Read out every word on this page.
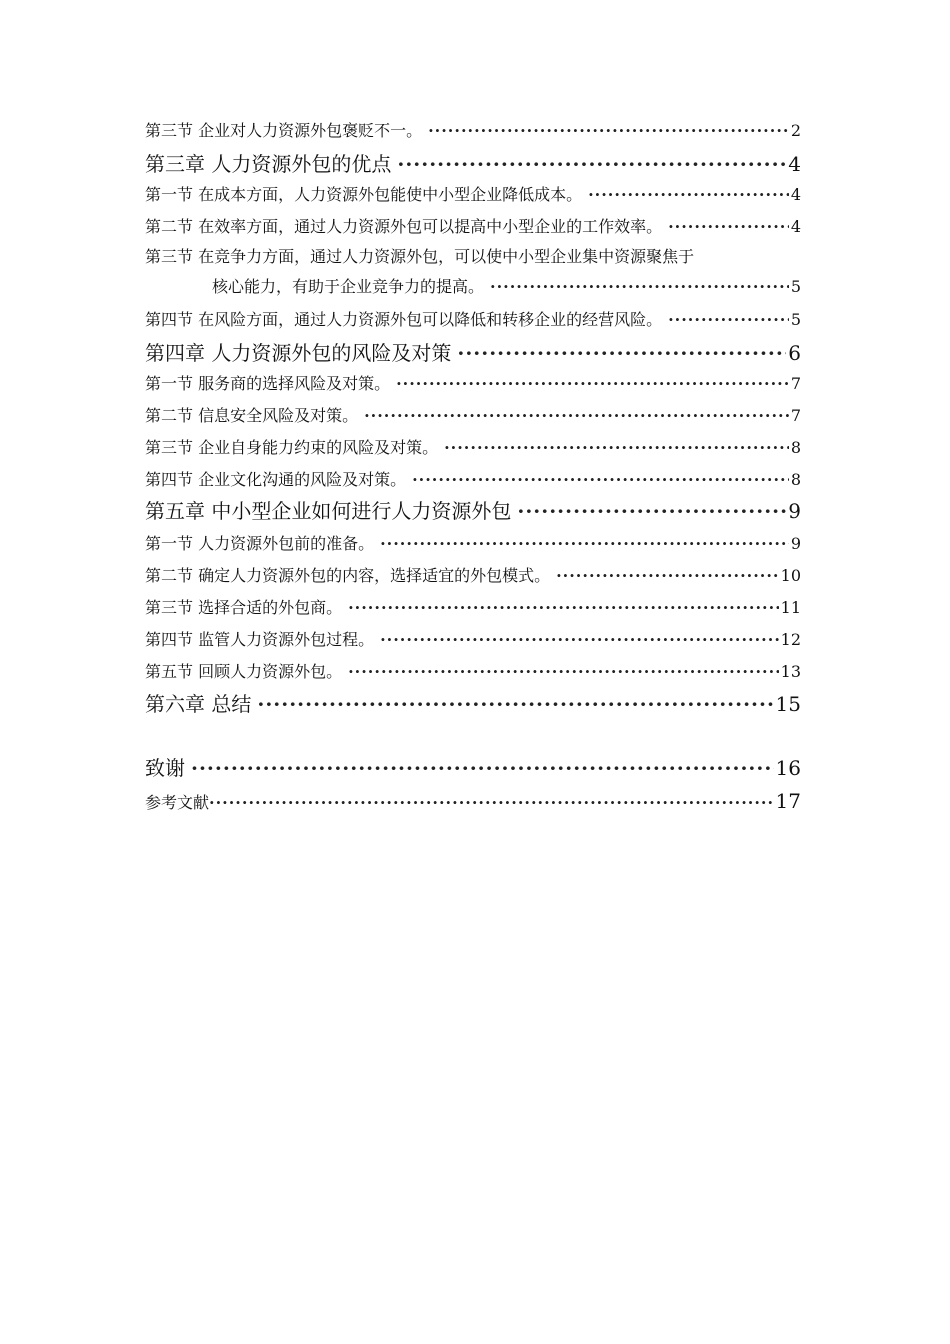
第三节 企业对人力资源外包褒贬不一。 ·····	2
第三章 人力资源外包的优点 ·····	4
第一节 在成本方面，人力资源外包能使中小型企业降低成本。 ·····	4
第二节 在效率方面，通过人力资源外包可以提高中小型企业的工作效率。 ·····	4
第三节 在竞争力方面，通过人力资源外包，可以使中小型企业集中资源聚焦于
核心能力，有助于企业竞争力的提高。 ·····	5
第四节 在风险方面，通过人力资源外包可以降低和转移企业的经营风险。 ·····	5
第四章 人力资源外包的风险及对策 ·····	6
第一节 服务商的选择风险及对策。 ·····	7
第二节 信息安全风险及对策。 ·····	7
第三节 企业自身能力约束的风险及对策。 ·····	8
第四节 企业文化沟通的风险及对策。 ·····	8
第五章 中小型企业如何进行人力资源外包 ·····	9
第一节 人力资源外包前的准备。 ·····	9
第二节 确定人力资源外包的内容，选择适宜的外包模式。 ·····	10
第三节 选择合适的外包商。 ·····	11
第四节 监管人力资源外包过程。 ·····	12
第五节 回顾人力资源外包。 ·····	13
第六章 总结 ·····	15
致谢 ·····	16
参考文献 ·····	17
